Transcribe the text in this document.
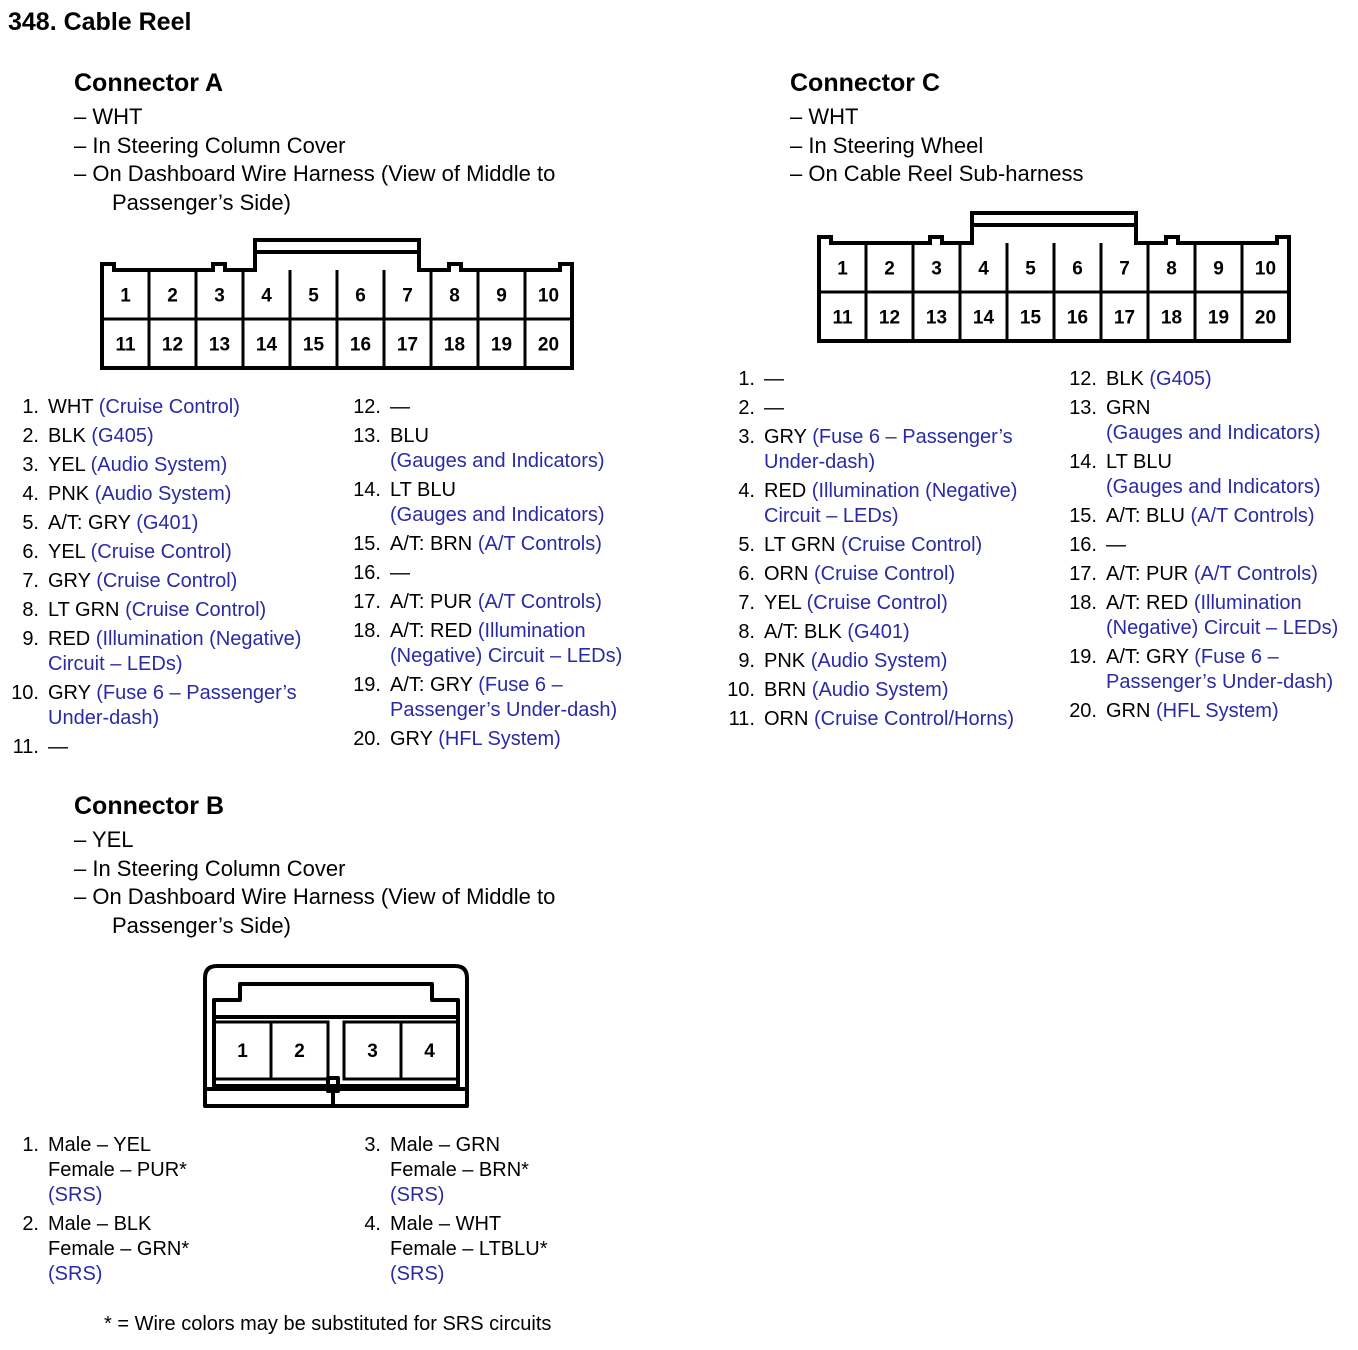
348. Cable Reel
Connector A
– WHT
– In Steering Column Cover
– On Dashboard Wire Harness (View of Middle to
Passenger’s Side)
1 2 3 4 5 6 7 8 9 10
11 12 13 14 15 16 17 18 19 20
1. WHT (Cruise Control)
2. BLK (G405)
3. YEL (Audio System)
4. PNK (Audio System)
5. A/T: GRY (G401)
6. YEL (Cruise Control)
7. GRY (Cruise Control)
8. LT GRN (Cruise Control)
9. RED (Illumination (Negative)
Circuit – LEDs)
10. GRY (Fuse 6 – Passenger’s
Under-dash)
11. —
12. —
13. BLU
(Gauges and Indicators)
14. LT BLU
(Gauges and Indicators)
15. A/T: BRN (A/T Controls)
16. —
17. A/T: PUR (A/T Controls)
18. A/T: RED (Illumination
(Negative) Circuit – LEDs)
19. A/T: GRY (Fuse 6 –
Passenger’s Under-dash)
20. GRY (HFL System)
Connector C
– WHT
– In Steering Wheel
– On Cable Reel Sub-harness
1 2 3 4 5 6 7 8 9 10
11 12 13 14 15 16 17 18 19 20
1. —
2. —
3. GRY (Fuse 6 – Passenger’s
Under-dash)
4. RED (Illumination (Negative)
Circuit – LEDs)
5. LT GRN (Cruise Control)
6. ORN (Cruise Control)
7. YEL (Cruise Control)
8. A/T: BLK (G401)
9. PNK (Audio System)
10. BRN (Audio System)
11. ORN (Cruise Control/Horns)
12. BLK (G405)
13. GRN
(Gauges and Indicators)
14. LT BLU
(Gauges and Indicators)
15. A/T: BLU (A/T Controls)
16. —
17. A/T: PUR (A/T Controls)
18. A/T: RED (Illumination
(Negative) Circuit – LEDs)
19. A/T: GRY (Fuse 6 –
Passenger’s Under-dash)
20. GRN (HFL System)
Connector B
– YEL
– In Steering Column Cover
– On Dashboard Wire Harness (View of Middle to
Passenger’s Side)
1 2	3 4
1. Male – YEL
Female – PUR*
(SRS)
2. Male – BLK
Female – GRN*
(SRS)
3. Male – GRN
Female – BRN*
(SRS)
4. Male – WHT
Female – LTBLU*
(SRS)
* = Wire colors may be substituted for SRS circuits
